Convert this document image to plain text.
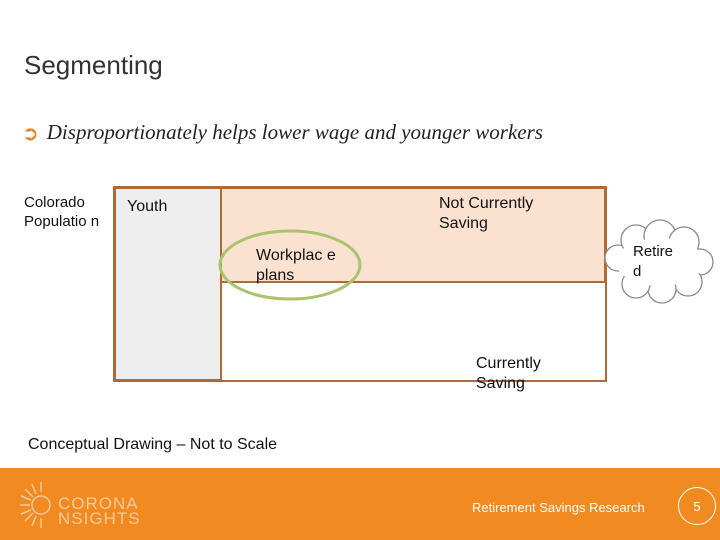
Segmenting
➲ Disproportionately helps lower wage and younger workers
Colorado Populatio n
Youth	Not Currently Saving
Workplac e plans
Retire d
Currently Saving
Conceptual Drawing – Not to Scale
CORONA
NSIGHTS
Retirement Savings Research	5
